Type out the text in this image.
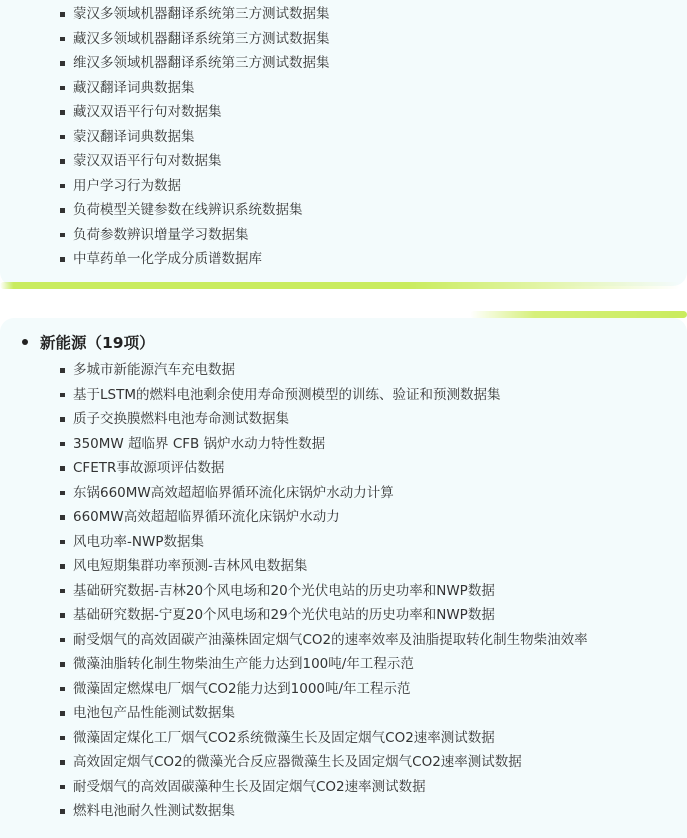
蒙汉多领域机器翻译系统第三方测试数据集
藏汉多领域机器翻译系统第三方测试数据集
维汉多领域机器翻译系统第三方测试数据集
藏汉翻译词典数据集
藏汉双语平行句对数据集
蒙汉翻译词典数据集
蒙汉双语平行句对数据集
用户学习行为数据
负荷模型关键参数在线辨识系统数据集
负荷参数辨识增量学习数据集
中草药单一化学成分质谱数据库
新能源（19项）
多城市新能源汽车充电数据
基于LSTM的燃料电池剩余使用寿命预测模型的训练、验证和预测数据集
质子交换膜燃料电池寿命测试数据集
350MW 超临界 CFB 锅炉水动力特性数据
CFETR事故源项评估数据
东锅660MW高效超超临界循环流化床锅炉水动力计算
660MW高效超超临界循环流化床锅炉水动力
风电功率-NWP数据集
风电短期集群功率预测-吉林风电数据集
基础研究数据-吉林20个风电场和20个光伏电站的历史功率和NWP数据
基础研究数据-宁夏20个风电场和29个光伏电站的历史功率和NWP数据
耐受烟气的高效固碳产油藻株固定烟气CO2的速率效率及油脂提取转化制生物柴油效率
微藻油脂转化制生物柴油生产能力达到100吨/年工程示范
微藻固定燃煤电厂烟气CO2能力达到1000吨/年工程示范
电池包产品性能测试数据集
微藻固定煤化工厂烟气CO2系统微藻生长及固定烟气CO2速率测试数据
高效固定烟气CO2的微藻光合反应器微藻生长及固定烟气CO2速率测试数据
耐受烟气的高效固碳藻种生长及固定烟气CO2速率测试数据
燃料电池耐久性测试数据集
